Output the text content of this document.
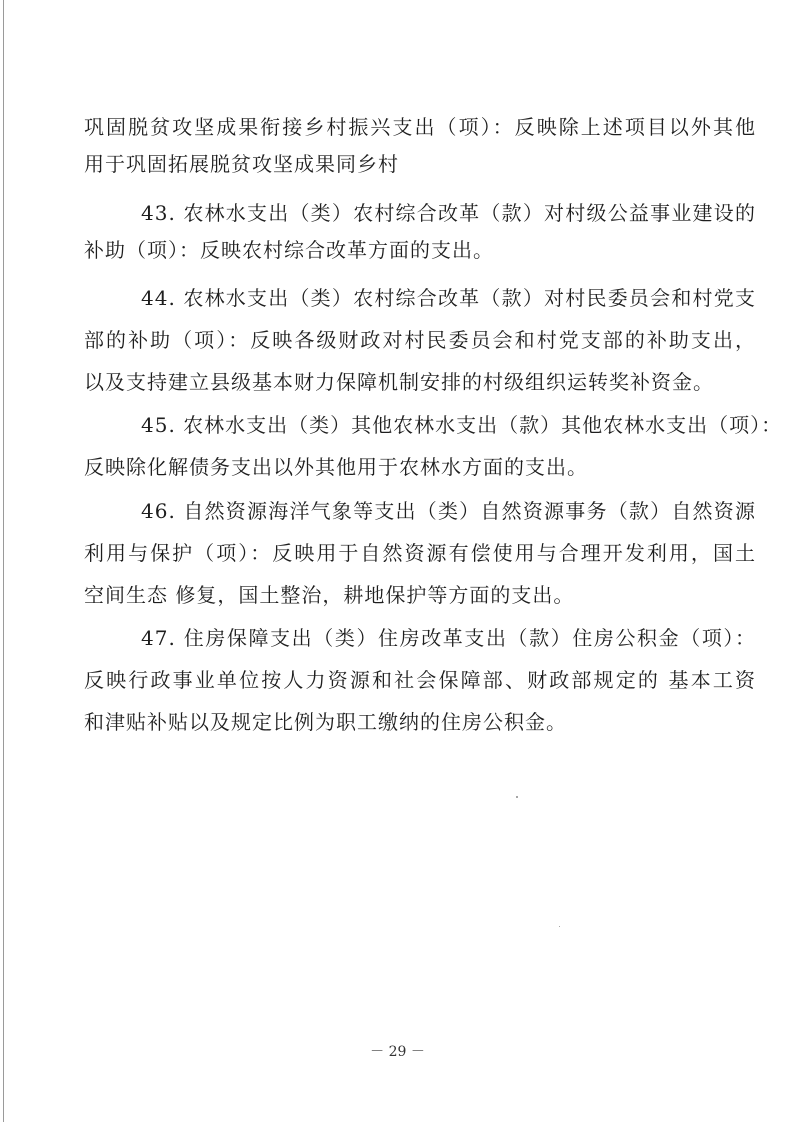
巩固脱贫攻坚成果衔接乡村振兴支出（项）：反映除上述项目以外其他
用于巩固拓展脱贫攻坚成果同乡村
43. 农林水支出（类）农村综合改革（款）对村级公益事业建设的
补助（项）：反映农村综合改革方面的支出。
44. 农林水支出（类）农村综合改革（款）对村民委员会和村党支
部的补助（项）：反映各级财政对村民委员会和村党支部的补助支出，
以及支持建立县级基本财力保障机制安排的村级组织运转奖补资金。
45. 农林水支出（类）其他农林水支出（款）其他农林水支出（项）：
反映除化解债务支出以外其他用于农林水方面的支出。
46. 自然资源海洋气象等支出（类）自然资源事务（款）自然资源
利用与保护（项）：反映用于自然资源有偿使用与合理开发利用，国土
空间生态 修复，国土整治，耕地保护等方面的支出。
47. 住房保障支出（类）住房改革支出（款）住房公积金（项）：
反映行政事业单位按人力资源和社会保障部、财政部规定的 基本工资
和津贴补贴以及规定比例为职工缴纳的住房公积金。
－ 29 －
